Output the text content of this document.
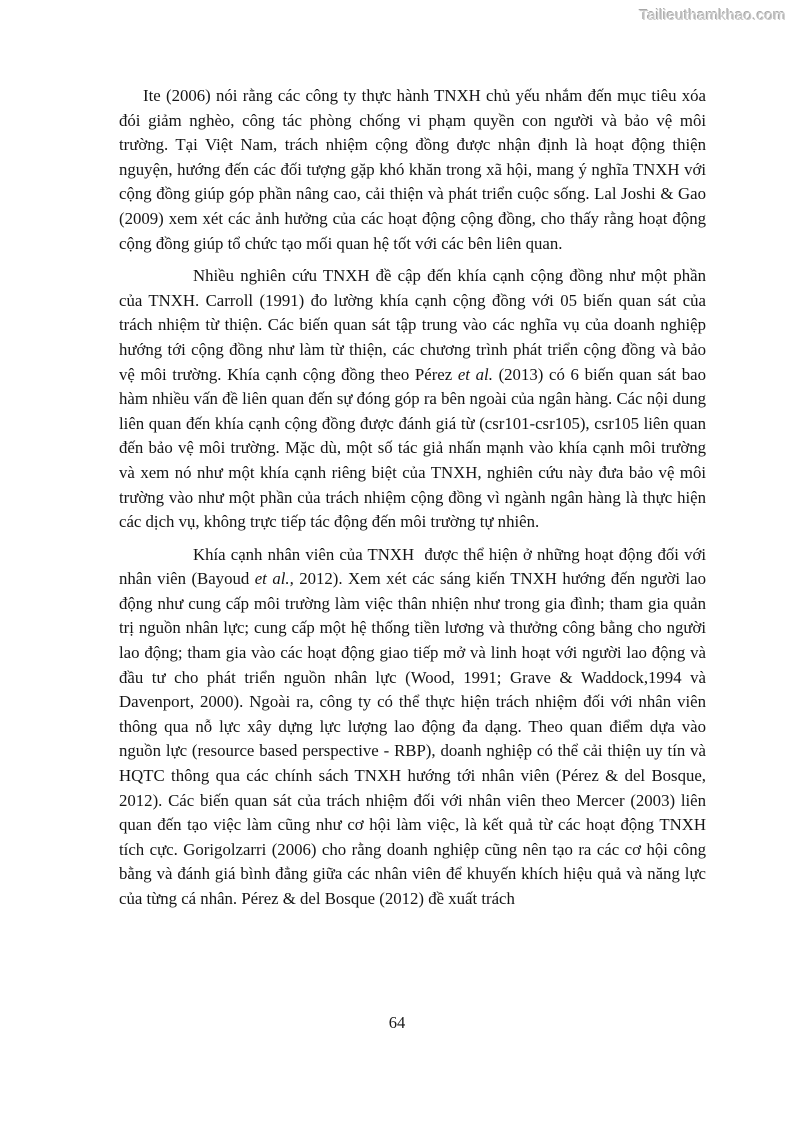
Tailieuthamkhao.com

Ite (2006) nói rằng các công ty thực hành TNXH chủ yếu nhắm đến mục tiêu xóa đói giảm nghèo, công tác phòng chống vi phạm quyền con người và bảo vệ môi trường. Tại Việt Nam, trách nhiệm cộng đồng được nhận định là hoạt động thiện nguyện, hướng đến các đối tượng gặp khó khăn trong xã hội, mang ý nghĩa TNXH với cộng đồng giúp góp phần nâng cao, cải thiện và phát triển cuộc sống. Lal Joshi & Gao (2009) xem xét các ảnh hưởng của các hoạt động cộng đồng, cho thấy rằng hoạt động cộng đồng giúp tổ chức tạo mối quan hệ tốt với các bên liên quan.

Nhiều nghiên cứu TNXH đề cập đến khía cạnh cộng đồng như một phần của TNXH. Carroll (1991) đo lường khía cạnh cộng đồng với 05 biến quan sát của trách nhiệm từ thiện. Các biến quan sát tập trung vào các nghĩa vụ của doanh nghiệp hướng tới cộng đồng như làm từ thiện, các chương trình phát triển cộng đồng và bảo vệ môi trường. Khía cạnh cộng đồng theo Pérez et al. (2013) có 6 biến quan sát bao hàm nhiều vấn đề liên quan đến sự đóng góp ra bên ngoài của ngân hàng. Các nội dung liên quan đến khía cạnh cộng đồng được đánh giá từ (csr101-csr105), csr105 liên quan đến bảo vệ môi trường. Mặc dù, một số tác giả nhấn mạnh vào khía cạnh môi trường và xem nó như một khía cạnh riêng biệt của TNXH, nghiên cứu này đưa bảo vệ môi trường vào như một phần của trách nhiệm cộng đồng vì ngành ngân hàng là thực hiện các dịch vụ, không trực tiếp tác động đến môi trường tự nhiên.

Khía cạnh nhân viên của TNXH  được thể hiện ở những hoạt động đối với nhân viên (Bayoud et al., 2012). Xem xét các sáng kiến TNXH hướng đến người lao động như cung cấp môi trường làm việc thân nhiện như trong gia đình; tham gia quản trị nguồn nhân lực; cung cấp một hệ thống tiền lương và thưởng công bằng cho người lao động; tham gia vào các hoạt động giao tiếp mở và linh hoạt với người lao động và đầu tư cho phát triển nguồn nhân lực (Wood, 1991; Grave & Waddock,1994 và Davenport, 2000). Ngoài ra, công ty có thể thực hiện trách nhiệm đối với nhân viên thông qua nỗ lực xây dựng lực lượng lao động đa dạng. Theo quan điểm dựa vào nguồn lực (resource based perspective - RBP), doanh nghiệp có thể cải thiện uy tín và HQTC thông qua các chính sách TNXH hướng tới nhân viên (Pérez & del Bosque, 2012). Các biến quan sát của trách nhiệm đối với nhân viên theo Mercer (2003) liên quan đến tạo việc làm cũng như cơ hội làm việc, là kết quả từ các hoạt động TNXH tích cực. Gorigolzarri (2006) cho rằng doanh nghiệp cũng nên tạo ra các cơ hội công bằng và đánh giá bình đẳng giữa các nhân viên để khuyến khích hiệu quả và năng lực của từng cá nhân. Pérez & del Bosque (2012) đề xuất trách

64
